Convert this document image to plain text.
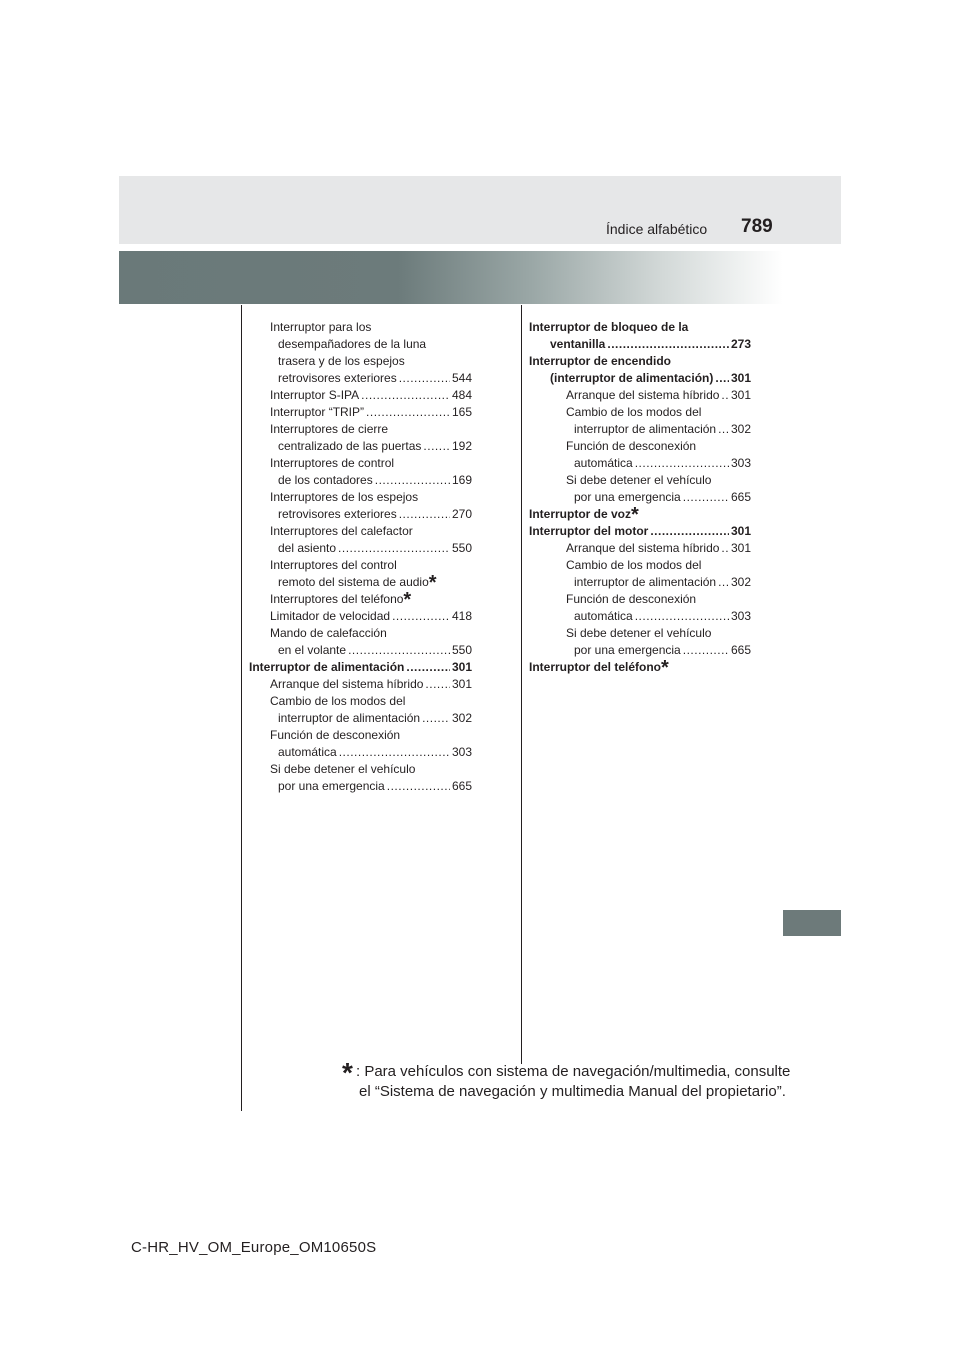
789
Índice alfabético
Interruptor para los
desempañadores de la luna
trasera y de los espejos
retrovisores exteriores .....	544
Interruptor S-IPA .....	484
Interruptor “TRIP” .....	165
Interruptores de cierre
centralizado de las puertas .....	192
Interruptores de control
de los contadores .....	169
Interruptores de los espejos
retrovisores exteriores .....	270
Interruptores del calefactor
del asiento .....	550
Interruptores del control
remoto del sistema de audio*
Interruptores del teléfono*
Limitador de velocidad .....	418
Mando de calefacción
en el volante .....	550
Interruptor de alimentación .....	301
Arranque del sistema híbrido ..... 301
Cambio de los modos del
interruptor de alimentación .....	302
Función de desconexión
automática .....	303
Si debe detener el vehículo
por una emergencia .....	665
Interruptor de bloqueo de la
ventanilla .....	273
Interruptor de encendido
(interruptor de alimentación) ..... 301
Arranque del sistema híbrido ..... 301
Cambio de los modos del
interruptor de alimentación ..... 302
Función de desconexión
automática .....	303
Si debe detener el vehículo
por una emergencia .....	665
Interruptor de voz*
Interruptor del motor .....	301
Arranque del sistema híbrido ..... 301
Cambio de los modos del
interruptor de alimentación ..... 302
Función de desconexión
automática .....	303
Si debe detener el vehículo
por una emergencia .....	665
Interruptor del teléfono*
* : Para vehículos con sistema de navegación/multimedia, consulte
el “Sistema de navegación y multimedia Manual del propietario”.
C-HR_HV_OM_Europe_OM10650S
